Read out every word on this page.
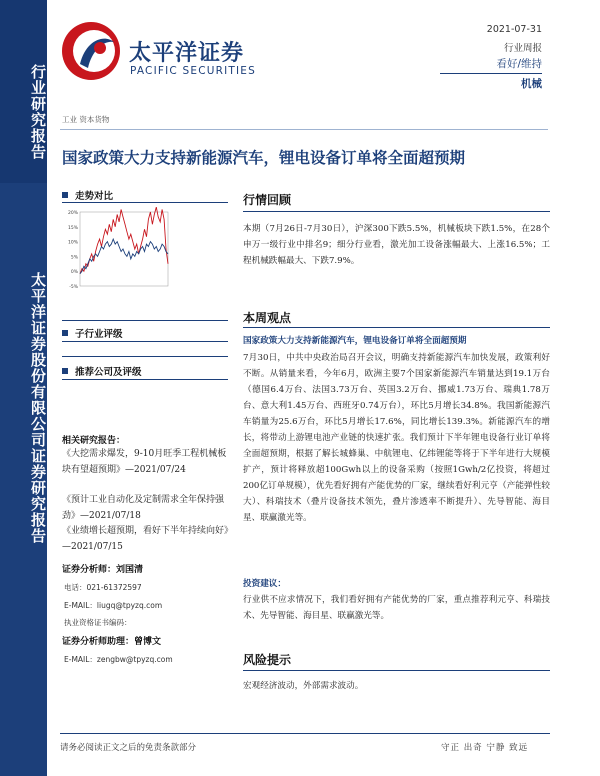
行业研究报告
太平洋证券股份有限公司证券研究报告
太平洋证券
PACIFIC SECURITIES
2021-07-31
行业周报
看好/维持
机械
工业 资本货物
国家政策大力支持新能源汽车，锂电设备订单将全面超预期
走势对比
20%
15%
10%
5%
0%
-5%
子行业评级
推荐公司及评级
相关研究报告：
《大挖需求爆发，9-10月旺季工程机械板块有望超预期》—2021/07/24
《预计工业自动化及定制需求全年保持强劲》—2021/07/18
《业绩增长超预期，看好下半年持续向好》—2021/07/15
证券分析师：刘国清
电话：021-61372597
E-MAIL：liugq@tpyzq.com
执业资格证书编码：
证券分析师助理：曾博文
E-MAIL：zengbw@tpyzq.com
行情回顾
本期（7月26日-7月30日），沪深300下跌5.5%，机械板块下跌1.5%，在28个申万一级行业中排名9；细分行业看，激光加工设备涨幅最大、上涨16.5%；工程机械跌幅最大、下跌7.9%。
本周观点
国家政策大力支持新能源汽车，锂电设备订单将全面超预期
7月30日，中共中央政治局召开会议，明确支持新能源汽车加快发展，政策利好不断。从销量来看，今年6月，欧洲主要7个国家新能源汽车销量达到19.1万台（德国6.4万台、法国3.73万台、英国3.2万台、挪威1.73万台、瑞典1.78万台、意大利1.45万台、西班牙0.74万台），环比5月增长34.8%。我国新能源汽车销量为25.6万台，环比5月增长17.6%，同比增长139.3%。新能源汽车的增长，将带动上游锂电池产业链的快速扩张。我们预计下半年锂电设备行业订单将全面超预期，根据了解长城蜂巢、中航锂电、亿纬锂能等将于下半年进行大规模扩产，预计将释放超100Gwh以上的设备采购（按照1Gwh/2亿投资，将超过200亿订单规模），优先看好拥有产能优势的厂家，继续看好利元亨（产能弹性较大）、科瑞技术（叠片设备技术领先，叠片渗透率不断提升）、先导智能、海目星、联赢激光等。
投资建议：
行业供不应求情况下，我们看好拥有产能优势的厂家，重点推荐利元亨、科瑞技术、先导智能、海目星、联赢激光等。
风险提示
宏观经济波动，外部需求波动。
请务必阅读正文之后的免责条款部分	守正 出奇 宁静 致远
